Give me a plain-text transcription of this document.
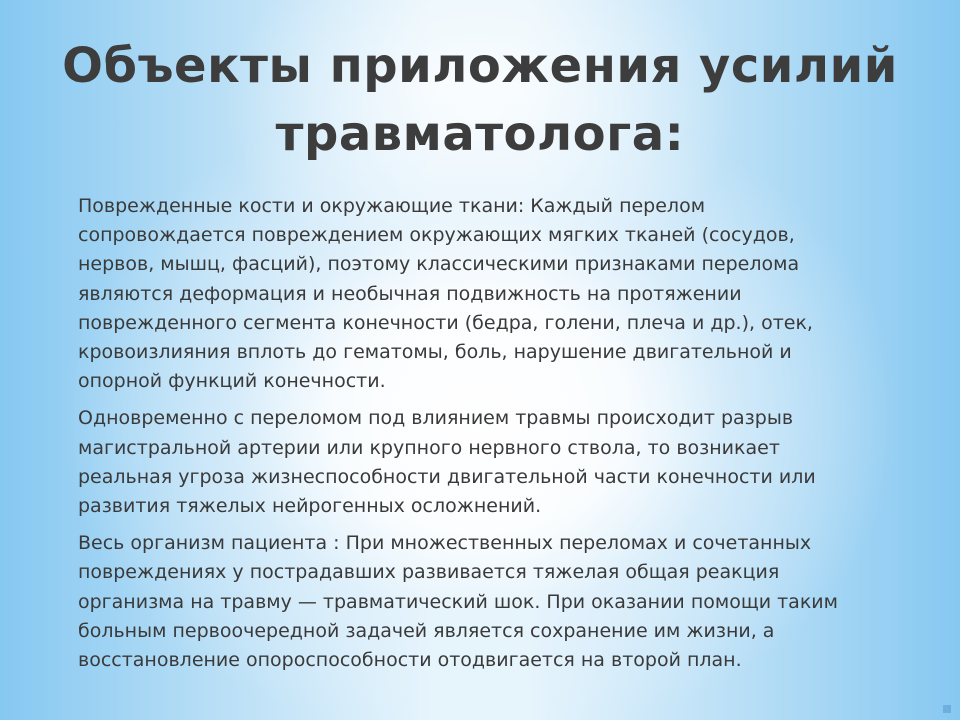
Объекты приложения усилий
травматолога:

Поврежденные кости и окружающие ткани: Каждый перелом сопровождается повреждением окружающих мягких тканей (сосудов, нервов, мышц, фасций), поэтому классическими признаками перелома являются деформация и необычная подвижность на протяжении поврежденного сегмента конечности (бедра, голени, плеча и др.), отек, кровоизлияния вплоть до гематомы, боль, нарушение двигательной и опорной функций конечности.

Одновременно с переломом под влиянием травмы происходит разрыв магистральной артерии или крупного нервного ствола, то возникает реальная угроза жизнеспособности двигательной части конечности или развития тяжелых нейрогенных осложнений.

Весь организм пациента : При множественных переломах и сочетанных повреждениях у пострадавших развивается тяжелая общая реакция организма на травму — травматический шок. При оказании помощи таким больным первоочередной задачей является сохранение им жизни, а восстановление опороспособности отодвигается на второй план.
